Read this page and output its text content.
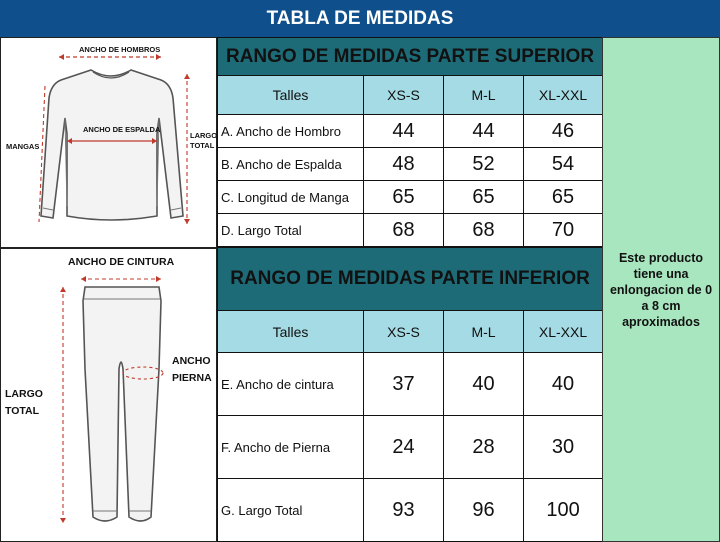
TABLA DE MEDIDAS
ANCHO DE HOMBROS
ANCHO DE ESPALDA
MANGAS
LARGO
TOTAL
ANCHO DE CINTURA
ANCHO
PIERNA
LARGO
TOTAL
RANGO DE MEDIDAS PARTE SUPERIOR			
Talles	XS-S	M-L	XL-XXL
A. Ancho de Hombro	44	44	46
B. Ancho de Espalda	48	52	54
C. Longitud de Manga	65	65	65
D. Largo Total	68	68	70
RANGO DE MEDIDAS PARTE INFERIOR			
Talles	XS-S	M-L	XL-XXL
E. Ancho de cintura	37	40	40
F. Ancho de Pierna	24	28	30
G. Largo Total	93	96	100
Este producto tiene una enlongacion de 0 a 8 cm aproximados
